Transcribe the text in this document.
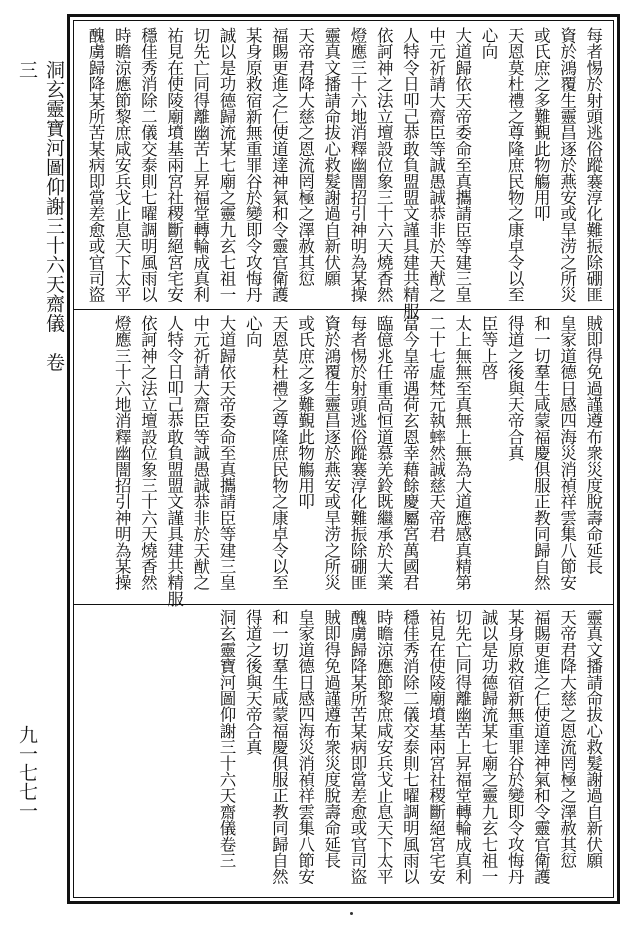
洞玄靈寶河圖仰謝三十六天齋儀　卷三
九一七七一
每者惕於射頭逃俗蹤褰淳化難振除硼匪
資於鴻覆生靈昌逐於燕安或旱涝之所災
或氏庶之多難覲此物觴用叩
天恩莫杜禮之尊隆庶民物之康卓令以至
心向
大道歸依天帝委命至真攜請臣等建三皇
中元祈請大齋臣等誠愚誠恭非於天猷之
人特令日叩己恭敢負盟盟文謹具建共精服
依訶神之法立壇設位象三十六天燒香然
燈應三十六地消釋幽闇招引神明為某操
靈真文播請命拔心救髮謝過自新伏願
天帝君降大慈之恩流罔極之澤赦其愆
福賜更進之仁使道達神氣和令靈官衛護
某身原救宿新無重罪谷於變即令攻悔丹
誠以是功德歸流某七廟之靈九玄七祖一
切先亡同得離幽苦上昇福堂轉輪成真利
祐見在使陵廟墳基兩宮社稷斷絕宮宅安
穩佳秀消除二儀交泰則七曜調明風雨以
時瞻涼應節黎庶咸安兵戈止息天下太平
醜虜歸降某所苦某病即當差愈或官司盜
賊即得免過謹遵布衆災度脫壽命延長
皇家道德日感四海災消禎祥雲集八節安
和一切羣生咸蒙福慶俱服正教同歸自然
得道之後與天帝合真
臣等上啓
太上無無至真無上無為大道應感真精第
二十七虛梵元執蟀然誠慈天帝君
當今皇帝遇荷玄恩幸藉餘慶屬宮萬國君
臨億兆任重高恒道慕羌鈴既繼承於大業
每者惕於射頭逃俗蹤褰淳化難振除硼匪
資於鴻覆生靈昌逐於燕安或旱涝之所災
或氏庶之多難覲此物觴用叩
天恩莫杜禮之尊隆庶民物之康卓令以至
心向
大道歸依天帝委命至真攜請臣等建三皇
中元祈請大齋臣等誠愚誠恭非於天猷之
人特令日叩己恭敢負盟盟文謹具建共精服
依訶神之法立壇設位象三十六天燒香然
燈應三十六地消釋幽闇招引神明為某操
靈真文播請命拔心救髮謝過自新伏願
天帝君降大慈之恩流罔極之澤赦其愆
福賜更進之仁使道達神氣和令靈官衛護
某身原救宿新無重罪谷於變即令攻悔丹
誠以是功德歸流某七廟之靈九玄七祖一
切先亡同得離幽苦上昇福堂轉輪成真利
祐見在使陵廟墳基兩宮社稷斷絕宮宅安
穩佳秀消除二儀交泰則七曜調明風雨以
時瞻涼應節黎庶咸安兵戈止息天下太平
醜虜歸降某所苦某病即當差愈或官司盜
賊即得免過謹遵布衆災度脫壽命延長
皇家道德日感四海災消禎祥雲集八節安
和一切羣生咸蒙福慶俱服正教同歸自然
得道之後與天帝合真
洞玄靈寶河圖仰謝三十六天齋儀卷三
